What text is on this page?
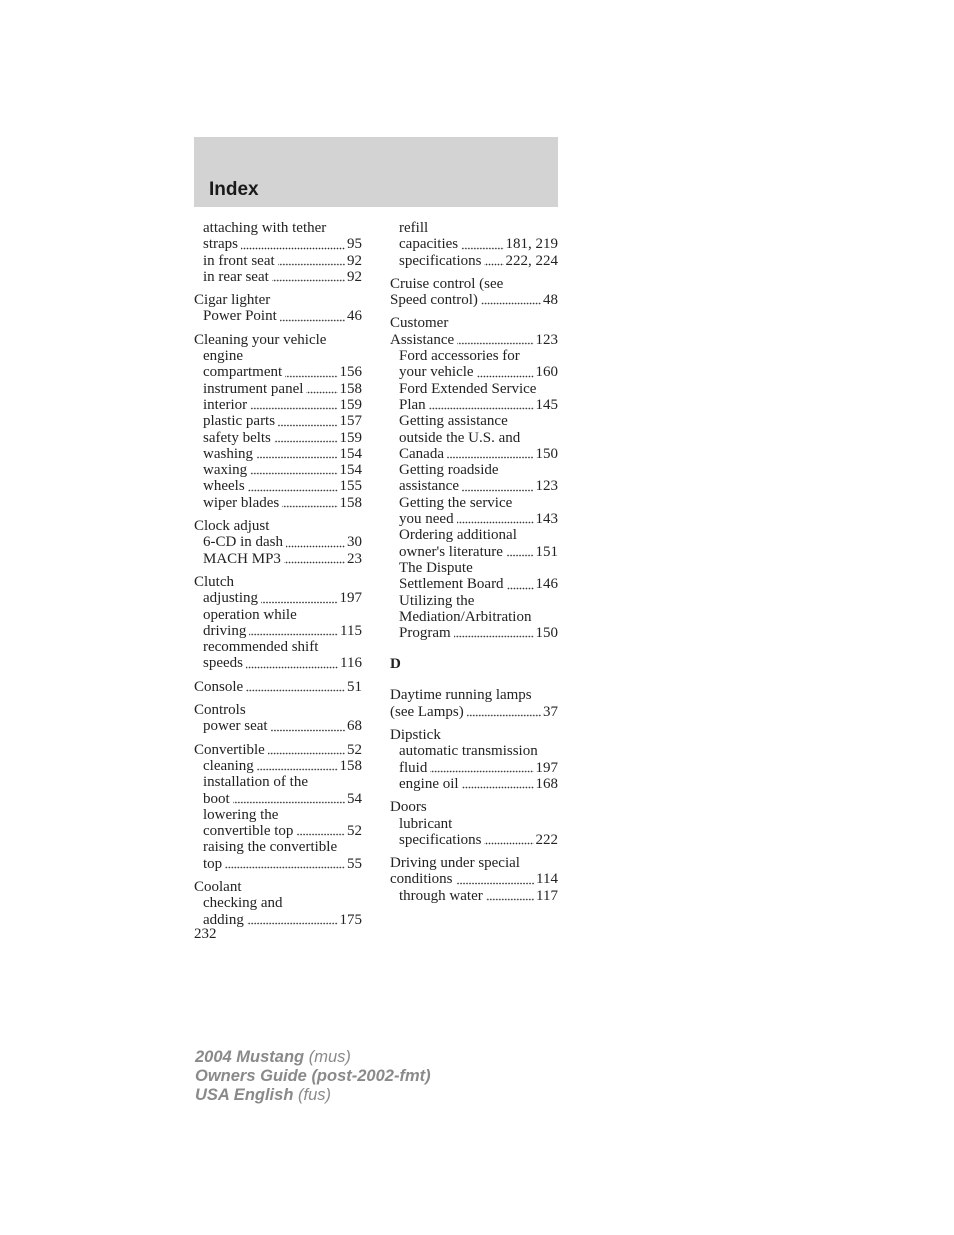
Index
attaching with tether
straps	95
in front seat	92
in rear seat	92
Cigar lighter
Power Point	46
Cleaning your vehicle
engine
compartment	156
instrument panel 158
interior	159
plastic parts	157
safety belts	159
washing	154
waxing	154
wheels	155
wiper blades	158
Clock adjust
6-CD in dash	30
MACH MP3	23
Clutch
adjusting	197
operation while
driving	115
recommended shift
speeds	116
Console	51
Controls
power seat	68
Convertible	52
cleaning	158
installation of the
boot	54
lowering the
convertible top	52
raising the convertible
top	55
Coolant
checking and
adding	175
refill
capacities	181, 219
specifications 222, 224
Cruise control (see
Speed control)	48
Customer
Assistance	123
Ford accessories for
your vehicle	160
Ford Extended Service
Plan	145
Getting assistance
outside the U.S. and
Canada	150
Getting roadside
assistance	123
Getting the service
you need	143
Ordering additional
owner's literature 151
The Dispute
Settlement Board 146
Utilizing the
Mediation/Arbitration
Program	150
D
Daytime running lamps
(see Lamps)	37
Dipstick
automatic transmission
fluid	197
engine oil	168
Doors
lubricant
specifications	222
Driving under special
conditions	114
through water	117
232
2004 Mustang (mus)
Owners Guide (post-2002-fmt)
USA English (fus)
